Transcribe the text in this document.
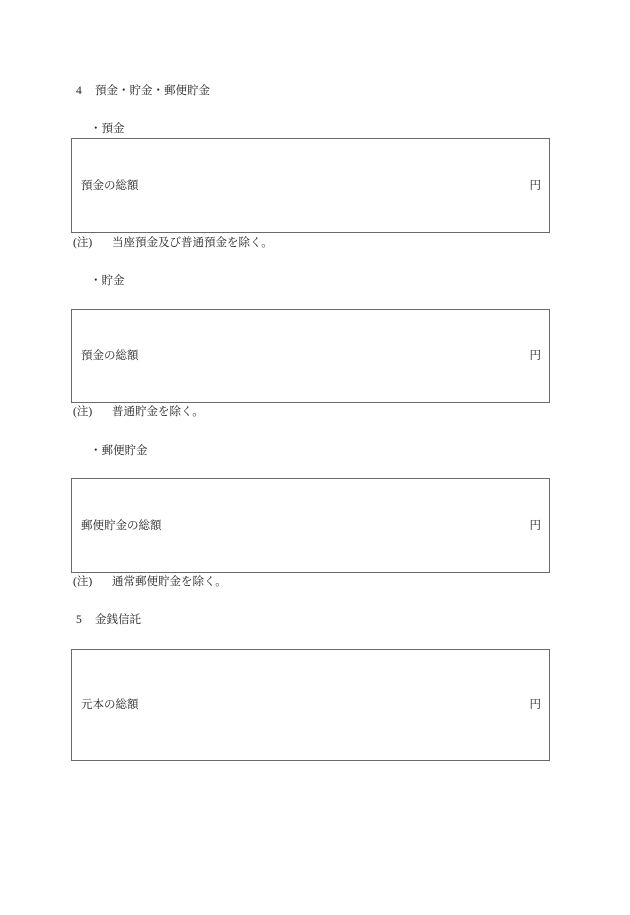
4 預金・貯金・郵便貯金
・預金
預金の総額	円
(注) 当座預金及び普通預金を除く。
・貯金
預金の総額	円
(注) 普通貯金を除く。
・郵便貯金
郵便貯金の総額	円
(注) 通常郵便貯金を除く。
5 金銭信託
元本の総額	円
